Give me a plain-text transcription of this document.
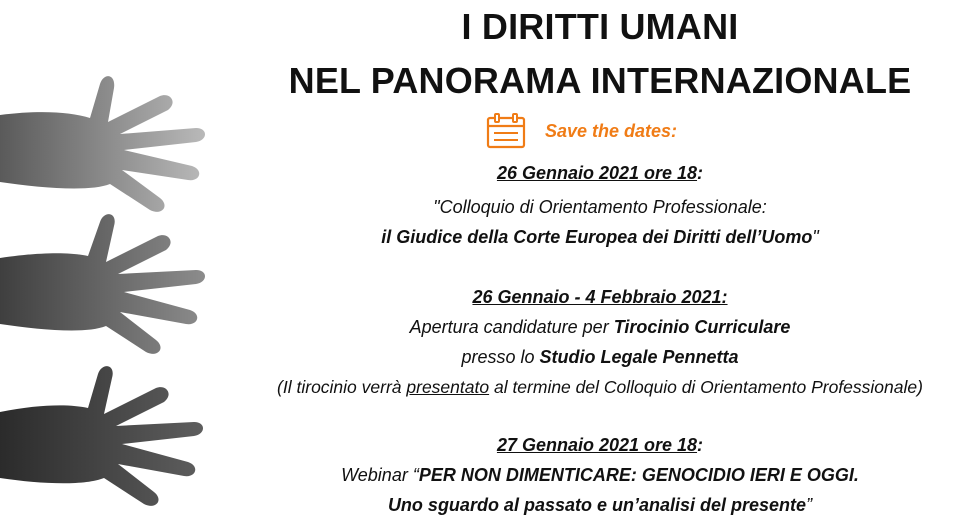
I DIRITTI UMANI
NEL PANORAMA INTERNAZIONALE
Save the dates:
26 Gennaio 2021 ore 18:
"Colloquio di Orientamento Professionale:
il Giudice della Corte Europea dei Diritti dell’Uomo"
26 Gennaio - 4 Febbraio 2021:
Apertura candidature per Tirocinio Curriculare
presso lo Studio Legale Pennetta
(Il tirocinio verrà presentato al termine del Colloquio di Orientamento Professionale)
27 Gennaio 2021 ore 18:
Webinar “PER NON DIMENTICARE: GENOCIDIO IERI E OGGI.
Uno sguardo al passato e un’analisi del presente”
